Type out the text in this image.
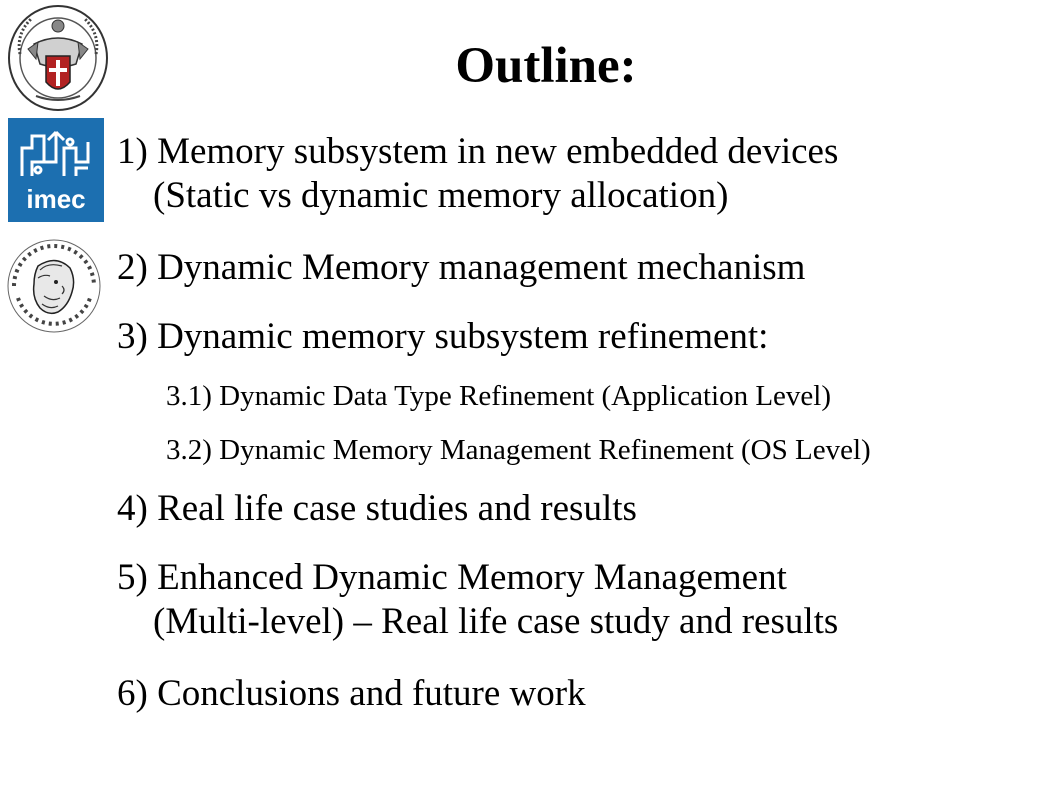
imec
Outline:
1) Memory subsystem in new embedded devices
(Static vs dynamic memory allocation)
2) Dynamic Memory management mechanism
3) Dynamic memory subsystem refinement:
3.1) Dynamic Data Type Refinement (Application Level)
3.2) Dynamic Memory Management Refinement (OS Level)
4) Real life case studies and results
5) Enhanced Dynamic Memory Management
(Multi-level) – Real life case study and results
6) Conclusions and future work
